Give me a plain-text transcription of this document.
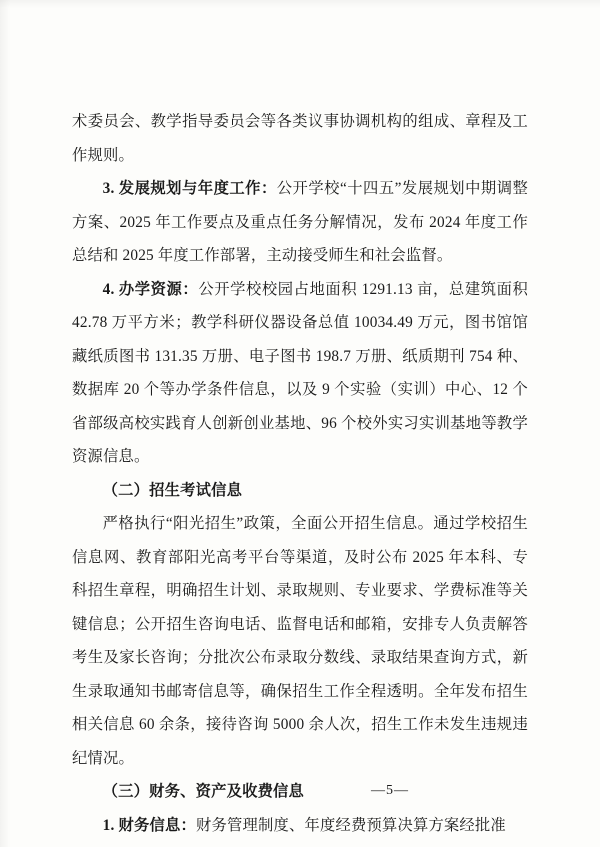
术委员会、教学指导委员会等各类议事协调机构的组成、章程及工作规则。

3. 发展规划与年度工作：公开学校“十四五”发展规划中期调整方案、2025 年工作要点及重点任务分解情况，发布 2024 年度工作总结和 2025 年度工作部署，主动接受师生和社会监督。

4. 办学资源：公开学校校园占地面积 1291.13 亩，总建筑面积 42.78 万平方米；教学科研仪器设备总值 10034.49 万元，图书馆馆藏纸质图书 131.35 万册、电子图书 198.7 万册、纸质期刊 754 种、数据库 20 个等办学条件信息，以及 9 个实验（实训）中心、12 个省部级高校实践育人创新创业基地、96 个校外实习实训基地等教学资源信息。

（二）招生考试信息

严格执行“阳光招生”政策，全面公开招生信息。通过学校招生信息网、教育部阳光高考平台等渠道，及时公布 2025 年本科、专科招生章程，明确招生计划、录取规则、专业要求、学费标准等关键信息；公开招生咨询电话、监督电话和邮箱，安排专人负责解答考生及家长咨询；分批次公布录取分数线、录取结果查询方式，新生录取通知书邮寄信息等，确保招生工作全程透明。全年发布招生相关信息 60 余条，接待咨询 5000 余人次，招生工作未发生违规违纪情况。

（三）财务、资产及收费信息

1. 财务信息：财务管理制度、年度经费预算决算方案经批准

—5—
